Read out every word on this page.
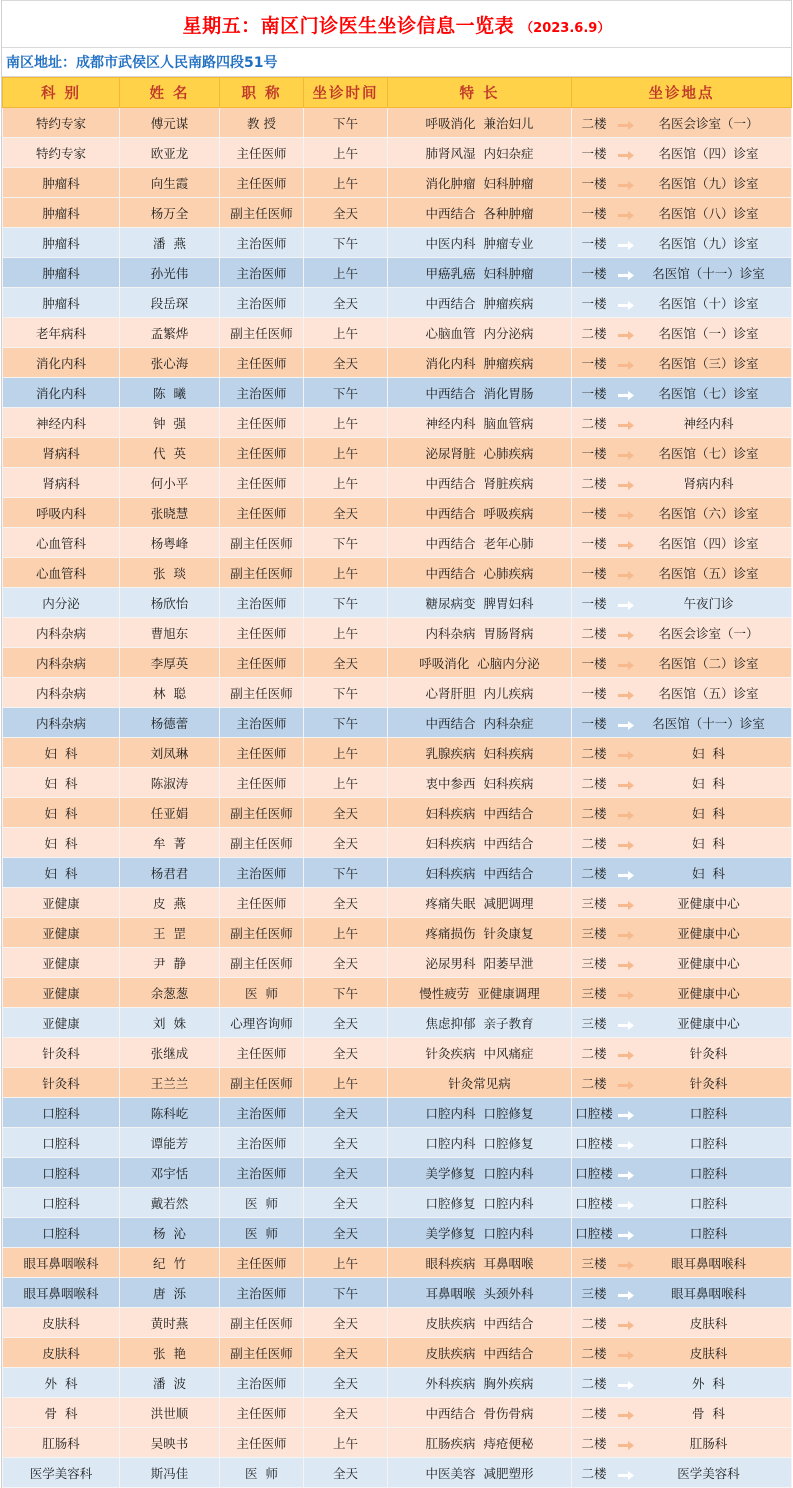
星期五：南区门诊医生坐诊信息一览表 （2023.6.9）
南区地址：成都市武侯区人民南路四段51号
科 别	姓 名	职 称	坐诊时间	特 长	坐诊地点
特约专家	傅元谋	教 授	下午	呼吸消化  兼治妇儿	二楼 名医会诊室（一）

特约专家	欧亚龙	主任医师	上午	肺肾风湿  内妇杂症	一楼 名医馆（四）诊室

肿瘤科	向生霞	主任医师	上午	消化肿瘤  妇科肿瘤	一楼 名医馆（九）诊室

肿瘤科	杨万全	副主任医师	全天	中西结合  各种肿瘤	一楼 名医馆（八）诊室

肿瘤科	潘  燕	主治医师	下午	中医内科  肿瘤专业	一楼 名医馆（九）诊室

肿瘤科	孙光伟	主治医师	上午	甲癌乳癌  妇科肿瘤	一楼 名医馆（十一）诊室

肿瘤科	段岳琛	主治医师	全天	中西结合  肿瘤疾病	一楼 名医馆（十）诊室

老年病科	孟繁烨	副主任医师	上午	心脑血管  内分泌病	二楼 名医馆（一）诊室

消化内科	张心海	主任医师	全天	消化内科  肿瘤疾病	一楼 名医馆（三）诊室

消化内科	陈  曦	主治医师	下午	中西结合  消化胃肠	一楼 名医馆（七）诊室

神经内科	钟  强	主任医师	上午	神经内科  脑血管病	二楼 神经内科

肾病科	代  英	主任医师	上午	泌尿肾脏  心肺疾病	一楼 名医馆（七）诊室

肾病科	何小平	主任医师	上午	中西结合  肾脏疾病	二楼 肾病内科

呼吸内科	张晓慧	主任医师	全天	中西结合  呼吸疾病	一楼 名医馆（六）诊室

心血管科	杨粤峰	副主任医师	下午	中西结合  老年心肺	一楼 名医馆（四）诊室

心血管科	张  琰	副主任医师	上午	中西结合  心肺疾病	一楼 名医馆（五）诊室

内分泌	杨欣怡	主治医师	下午	糖尿病变  脾胃妇科	一楼 午夜门诊

内科杂病	曹旭东	主任医师	上午	内科杂病  胃肠肾病	二楼 名医会诊室（一）

内科杂病	李厚英	主任医师	全天	呼吸消化  心脑内分泌	一楼 名医馆（二）诊室

内科杂病	林  聪	副主任医师	下午	心肾肝胆  内儿疾病	一楼 名医馆（五）诊室

内科杂病	杨德蕾	主治医师	下午	中西结合  内科杂症	一楼 名医馆（十一）诊室

妇  科	刘凤琳	主任医师	上午	乳腺疾病  妇科疾病	二楼 妇  科

妇  科	陈淑涛	主任医师	上午	衷中参西  妇科疾病	二楼 妇  科

妇  科	任亚娟	副主任医师	全天	妇科疾病  中西结合	二楼 妇  科

妇  科	牟  菁	副主任医师	全天	妇科疾病  中西结合	二楼 妇  科

妇  科	杨君君	主治医师	下午	妇科疾病  中西结合	二楼 妇  科

亚健康	皮  燕	主任医师	全天	疼痛失眠  减肥调理	三楼 亚健康中心

亚健康	王  罡	副主任医师	上午	疼痛损伤  针灸康复	三楼 亚健康中心

亚健康	尹  静	副主任医师	全天	泌尿男科  阳萎早泄	三楼 亚健康中心

亚健康	余葱葱	医  师	下午	慢性疲劳  亚健康调理	三楼 亚健康中心

亚健康	刘  姝	心理咨询师	全天	焦虑抑郁  亲子教育	三楼 亚健康中心

针灸科	张继成	主任医师	全天	针灸疾病  中风痛症	二楼 针灸科

针灸科	王兰兰	副主任医师	上午	针灸常见病	二楼 针灸科

口腔科	陈科屹	主治医师	全天	口腔内科  口腔修复	口腔楼 口腔科

口腔科	谭能芳	主治医师	全天	口腔内科  口腔修复	口腔楼 口腔科

口腔科	邓宇恬	主治医师	全天	美学修复  口腔内科	口腔楼 口腔科

口腔科	戴若然	医  师	全天	口腔修复  口腔内科	口腔楼 口腔科

口腔科	杨  沁	医  师	全天	美学修复  口腔内科	口腔楼 口腔科

眼耳鼻咽喉科	纪  竹	主任医师	上午	眼科疾病  耳鼻咽喉	三楼 眼耳鼻咽喉科

眼耳鼻咽喉科	唐  泺	主治医师	下午	耳鼻咽喉  头颈外科	三楼 眼耳鼻咽喉科

皮肤科	黄时燕	副主任医师	全天	皮肤疾病  中西结合	二楼 皮肤科

皮肤科	张  艳	副主任医师	全天	皮肤疾病  中西结合	二楼 皮肤科

外  科	潘  波	主治医师	全天	外科疾病  胸外疾病	二楼 外  科

骨  科	洪世顺	主任医师	全天	中西结合  骨伤骨病	二楼 骨  科

肛肠科	吴映书	主任医师	上午	肛肠疾病  痔疮便秘	二楼 肛肠科

医学美容科	斯冯佳	医  师	全天	中医美容  减肥塑形	二楼 医学美容科
